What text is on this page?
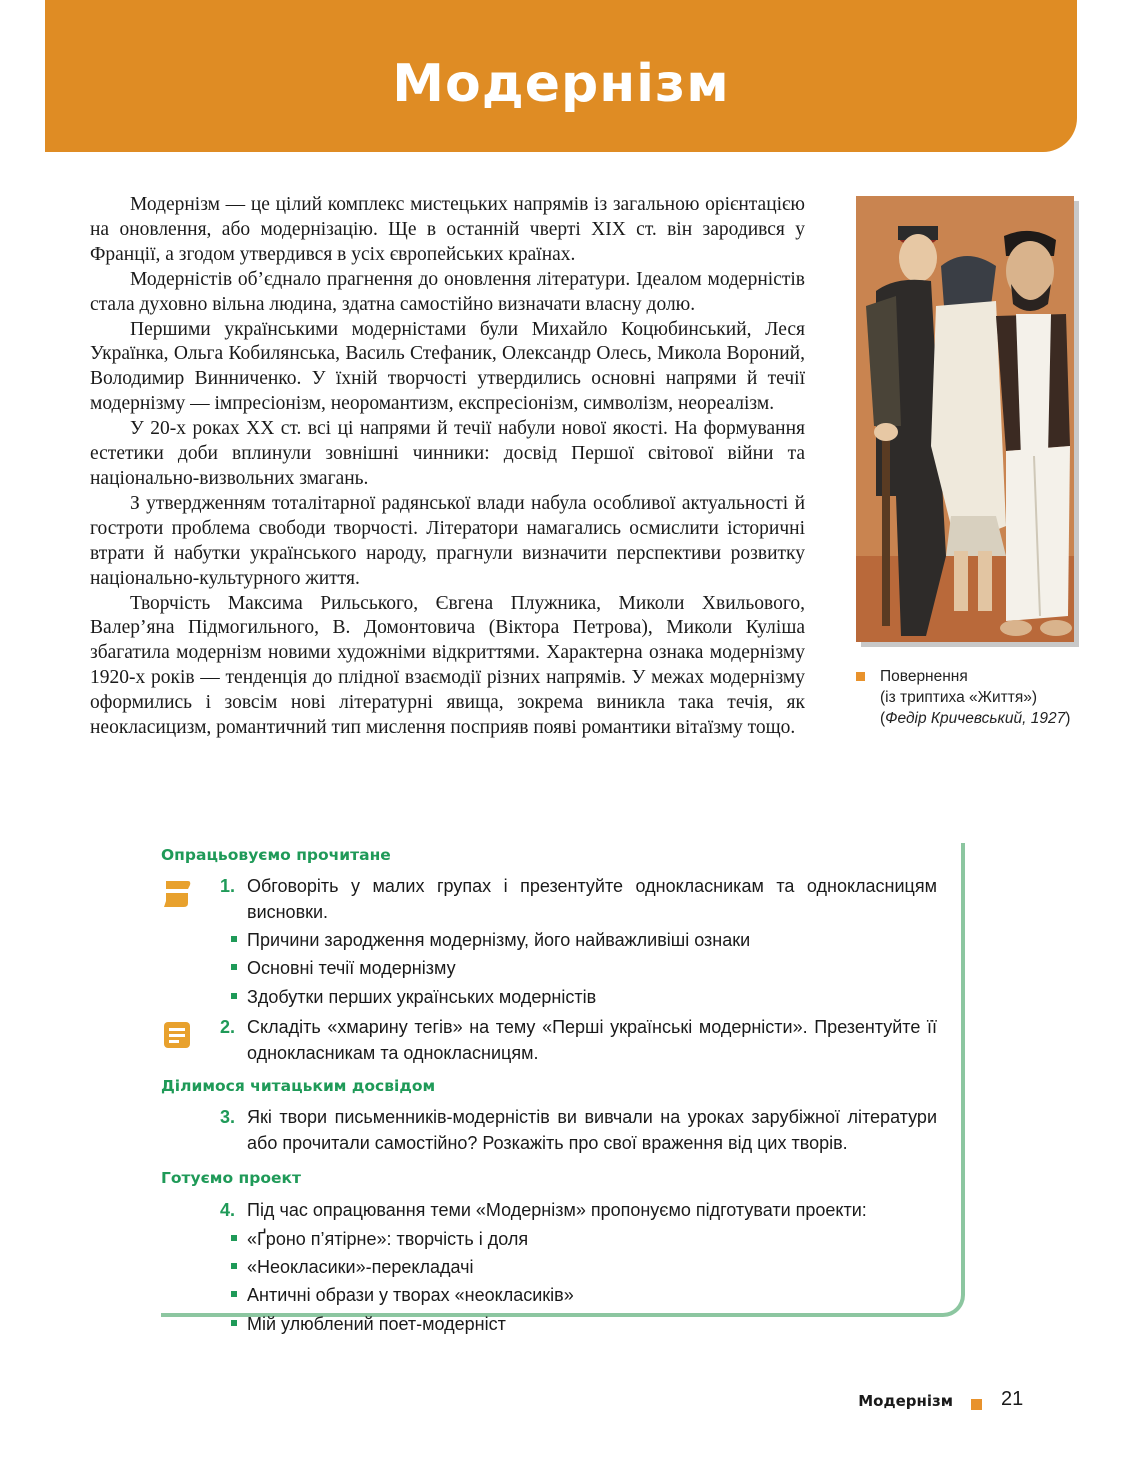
Модернізм

Модернізм — це цілий комплекс мистецьких напрямів із загальною орієнтацією на оновлення, або модернізацію. Ще в останній чверті XIX ст. він зародився у Франції, а згодом утвердився в усіх європейських країнах.

Модерністів об’єднало прагнення до оновлення літератури. Ідеалом модерністів стала духовно вільна людина, здатна самостійно визначати власну долю.

Першими українськими модерністами були Михайло Коцюбинський, Леся Українка, Ольга Кобилянська, Василь Стефаник, Олександр Олесь, Микола Вороний, Володимир Винниченко. У їхній творчості утвердились основні напрями й течії модернізму — імпресіонізм, неоромантизм, експресіонізм, символізм, неореалізм.

У 20-х роках XX ст. всі ці напрями й течії набули нової якості. На формування естетики доби вплинули зовнішні чинники: досвід Першої світової війни та національно-визвольних змагань.

З утвердженням тоталітарної радянської влади набула особливої актуальності й гостроти проблема свободи творчості. Літератори намагались осмислити історичні втрати й набутки українського народу, прагнули визначити перспективи розвитку національно-культурного життя.

Творчість Максима Рильського, Євгена Плужника, Миколи Хвильового, Валер’яна Підмогильного, В. Домонтовича (Віктора Петрова), Миколи Куліша збагатила модернізм новими художніми відкриттями. Характерна ознака модернізму 1920-х років — тенденція до плідної взаємодії різних напрямів. У межах модернізму оформились і зовсім нові літературні явища, зокрема виникла така течія, як неокласицизм, романтичний тип мислення посприяв появі романтики вітаїзму тощо.

Повернення
(із триптиха «Життя»)
(Федір Кричевський, 1927)
Опрацьовуємо прочитане
1. Обговоріть у малих групах і презентуйте однокласникам та однокласницям висновки.
Причини зародження модернізму, його найважливіші ознаки
Основні течії модернізму
Здобутки перших українських модерністів
2. Складіть «хмарину тегів» на тему «Перші українські модерністи». Презентуйте її однокласникам та однокласницям.
Ділимося читацьким досвідом
3. Які твори письменників-модерністів ви вивчали на уроках зарубіжної літератури або прочитали самостійно? Розкажіть про свої враження від цих творів.
Готуємо проект
4. Під час опрацювання теми «Модернізм» пропонуємо підготувати проекти:
«Ґроно п’ятірне»: творчість і доля
«Неокласики»-перекладачі
Античні образи у творах «неокласиків»
Мій улюблений поет-модерніст
Модернізм 21
